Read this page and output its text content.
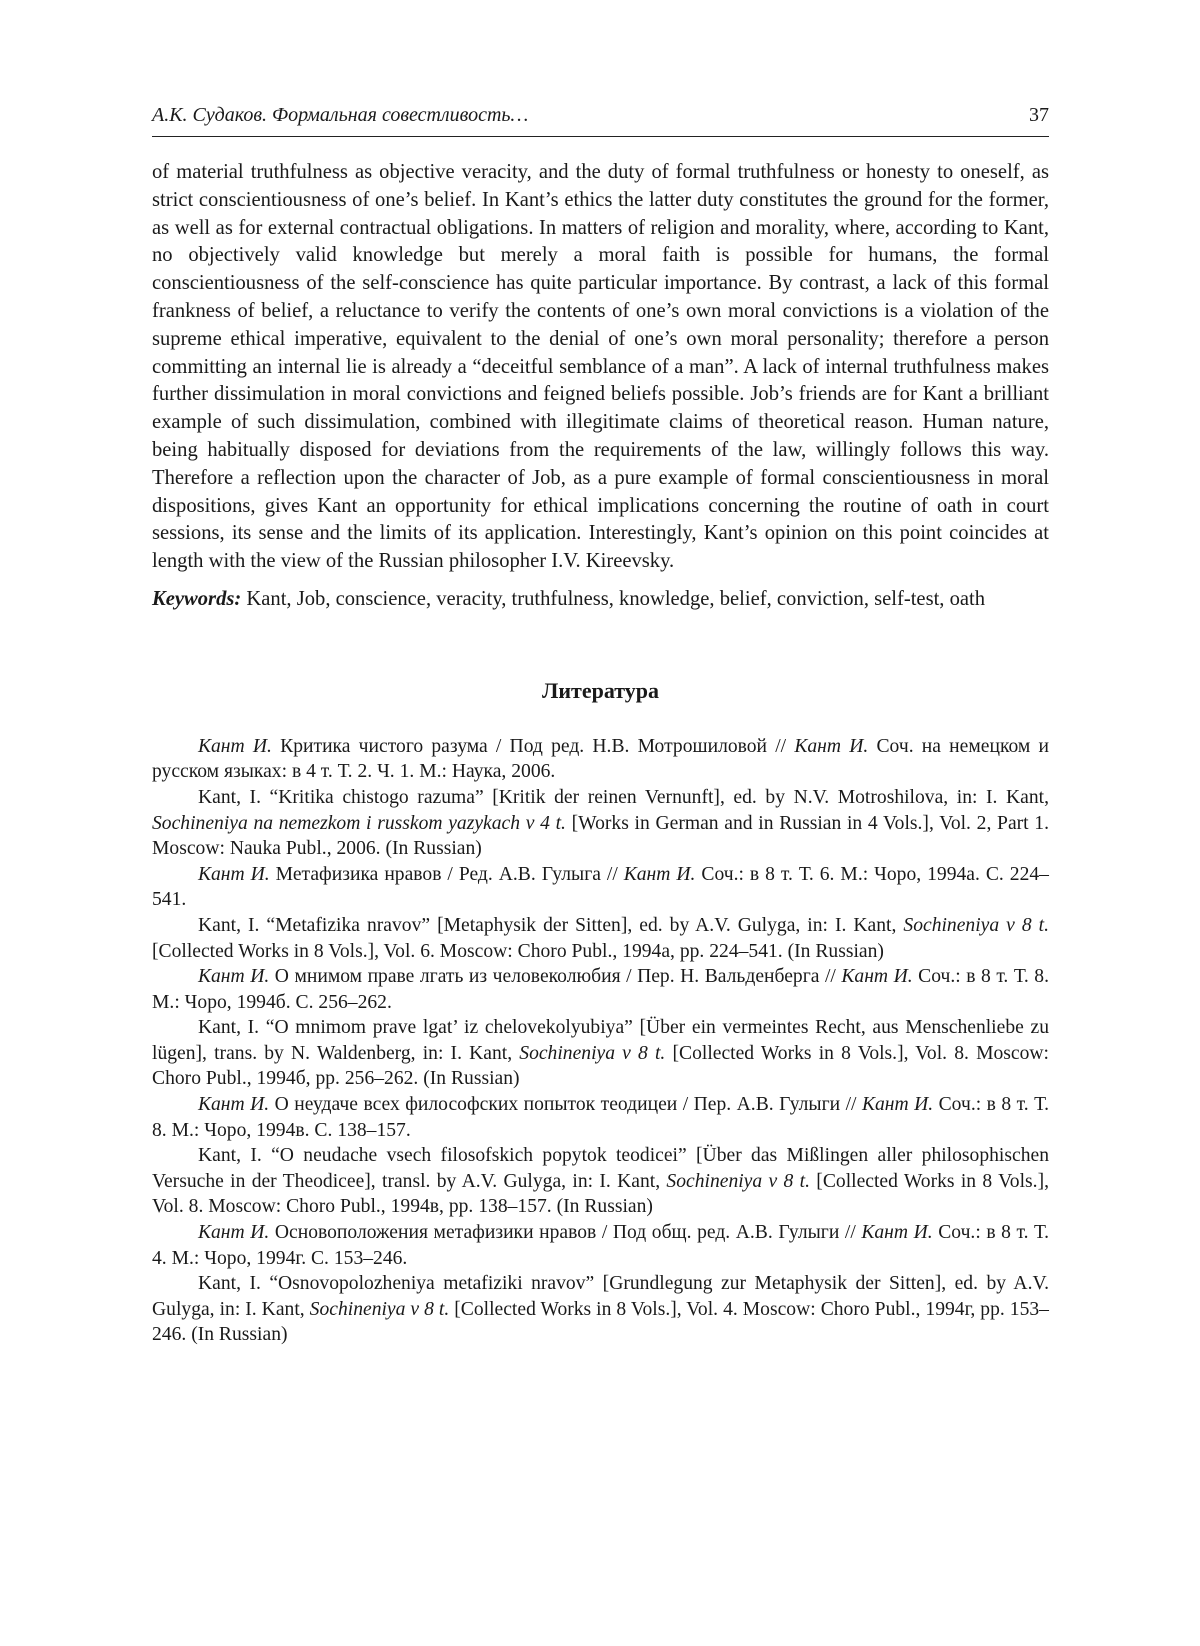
А.К. Судаков. Формальная совестливость…	37

of material truthfulness as objective veracity, and the duty of formal truthfulness or honesty to oneself, as strict conscientiousness of one’s belief. In Kant’s ethics the latter duty constitutes the ground for the former, as well as for external contractual obligations. In matters of religion and morality, where, according to Kant, no objectively valid knowledge but merely a moral faith is possible for humans, the formal conscientiousness of the self-conscience has quite particular importance. By contrast, a lack of this formal frankness of belief, a reluctance to verify the contents of one’s own moral convictions is a violation of the supreme ethical imperative, equivalent to the denial of one’s own moral personality; therefore a person committing an internal lie is already a “deceitful semblance of a man”. A lack of internal truthfulness makes further dissimulation in moral convictions and feigned beliefs possible. Job’s friends are for Kant a brilliant example of such dissimulation, combined with illegitimate claims of theoretical reason. Human nature, being habitually disposed for deviations from the requirements of the law, willingly follows this way. Therefore a reflection upon the character of Job, as a pure example of formal conscientiousness in moral dispositions, gives Kant an opportunity for ethical implications concerning the routine of oath in court sessions, its sense and the limits of its application. Interestingly, Kant’s opinion on this point coincides at length with the view of the Russian philosopher I.V. Kireevsky.

Keywords: Kant, Job, conscience, veracity, truthfulness, knowledge, belief, conviction, self-test, oath

Литература

Кант И. Критика чистого разума / Под ред. Н.В. Мотрошиловой // Кант И. Соч. на немецком и русском языках: в 4 т. Т. 2. Ч. 1. М.: Наука, 2006.

Kant, I. “Kritika chistogo razuma” [Kritik der reinen Vernunft], ed. by N.V. Motroshilova, in: I. Kant, Sochineniya na nemezkom i russkom yazykach v 4 t. [Works in German and in Russian in 4 Vols.], Vol. 2, Part 1. Moscow: Nauka Publ., 2006. (In Russian)

Кант И. Метафизика нравов / Ред. А.В. Гулыга // Кант И. Соч.: в 8 т. Т. 6. М.: Чоро, 1994а. С. 224–541.

Kant, I. “Metafizika nravov” [Metaphysik der Sitten], ed. by A.V. Gulyga, in: I. Kant, Sochineniya v 8 t. [Collected Works in 8 Vols.], Vol. 6. Moscow: Choro Publ., 1994a, pp. 224–541. (In Russian)

Кант И. О мнимом праве лгать из человеколюбия / Пер. Н. Вальденберга // Кант И. Соч.: в 8 т. Т. 8. М.: Чоро, 1994б. С. 256–262.

Kant, I. “O mnimom prave lgat’ iz chelovekolyubiya” [Über ein vermeintes Recht, aus Menschenliebe zu lügen], trans. by N. Waldenberg, in: I. Kant, Sochineniya v 8 t. [Collected Works in 8 Vols.], Vol. 8. Moscow: Choro Publ., 1994б, pp. 256–262. (In Russian)

Кант И. О неудаче всех философских попыток теодицеи / Пер. А.В. Гулыги // Кант И. Соч.: в 8 т. Т. 8. М.: Чоро, 1994в. С. 138–157.

Kant, I. “O neudache vsech filosofskich popytok teodicei” [Über das Mißlingen aller philosophischen Versuche in der Theodicee], transl. by A.V. Gulyga, in: I. Kant, Sochineniya v 8 t. [Collected Works in 8 Vols.], Vol. 8. Moscow: Choro Publ., 1994в, pp. 138–157. (In Russian)

Кант И. Основоположения метафизики нравов / Под общ. ред. А.В. Гулыги // Кант И. Соч.: в 8 т. Т. 4. М.: Чоро, 1994г. С. 153–246.

Kant, I. “Osnovopolozheniya metafiziki nravov” [Grundlegung zur Metaphysik der Sitten], ed. by A.V. Gulyga, in: I. Kant, Sochineniya v 8 t. [Collected Works in 8 Vols.], Vol. 4. Moscow: Choro Publ., 1994г, pp. 153–246. (In Russian)
